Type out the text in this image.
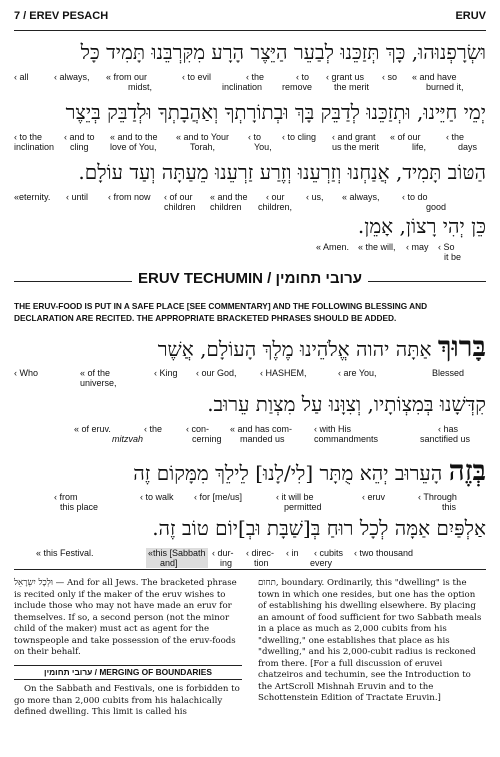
7 / EREV PESACH	ERUV
וּשְׂרָפְנוּהוּ, כָּךְ תְּזַכֵּנוּ לְבַעֵר הַיֵּצֶר הָרָע מִקִּרְבֵּנוּ תָּמִיד כָּל
‹ all	‹ always, « from our	‹ to evil	‹ the	‹ to ‹ grant us ‹ so « and have
midst,	inclination remove the merit	burned it,
יְמֵי חַיֵּינוּ, וּתְזַכֵּנוּ לְדַבֵּק בָּךְ וּבְתוֹרָתְךָ וְאַהֲבָתְךָ וּלְדַבֵּק בְּיֵצֶר
‹ to the ‹ and to « and to the « and to Your ‹ to ‹ to cling ‹ and grant « of our	‹ the
inclination cling love of You,	Torah,	You,	us the merit	life,	days
הַטּוֹב תָּמִיד, אֲנַחְנוּ וְזַרְעֵנוּ וְזֶרַע זַרְעֵנוּ מֵעַתָּה וְעַד עוֹלָם.
«eternity. ‹ until ‹ from now ‹ of our « and the ‹ our ‹ us, « always, ‹ to do
children children children,	good
כֵּן יְהִי רָצוֹן, אָמֵן.
« Amen. « the will, ‹ may ‹ So
it be
ERUV TECHUMIN / ערובי תחומין
THE ERUV-FOOD IS PUT IN A SAFE PLACE [SEE COMMENTARY] AND THE FOLLOWING BLESSING AND DECLARATION ARE RECITED. THE APPROPRIATE BRACKETED PHRASES SHOULD BE ADDED.
בָּרוּךְ אַתָּה יהוה אֱלֹהֵינוּ מֶלֶךְ הָעוֹלָם, אֲשֶׁר
‹ Who	« of the	‹ King ‹ our God,	‹ HASHEM,	‹ are You,	Blessed
universe,
קִדְּשָׁנוּ בְּמִצְוֹתָיו, וְצִוָּנוּ עַל מִצְוַת עֵרוּב.
« of eruv.	‹ the	‹ con- « and has com- ‹ with His	‹ has
mitzvah	cerning manded us	commandments	sanctified us
בְּזֶה הָעֵרוּב יְהֵא מֻתָּר [לִי/לָנוּ] לֵילֵךְ מִמָּקוֹם זֶה
‹ from	‹ to walk ‹ for [me/us]	‹ it will be	‹ eruv	‹ Through
this place	permitted	this
אַלְפַּיִם אַמָּה לְכָל רוּחַ בְּ[שַׁבָּת וּבְ]יוֹם טוֹב זֶה.
« this Festival.	«this [Sabbath ‹ dur- ‹ direc- ‹ in ‹ cubits ‹ two thousand
and]	ing tion	every
וּלְכָל יִשְׂרָאֵל — And for all Jews. The bracketed phrase is recited only if the maker of the eruv wishes to include those who may not have made an eruv for themselves. If so, a second person (not the minor child of the maker) must act as agent for the townspeople and take possession of the eruv-foods on their behalf.
ערובי תחומין / MERGING OF BOUNDARIES
On the Sabbath and Festivals, one is forbidden to go more than 2,000 cubits from his halachically defined dwelling. This limit is called his
תחום, boundary. Ordinarily, this "dwelling" is the town in which one resides, but one has the option of establishing his dwelling elsewhere. By placing an amount of food sufficient for two Sabbath meals in a place as much as 2,000 cubits from his "dwelling," one establishes that place as his "dwelling," and his 2,000-cubit radius is reckoned from there. [For a full discussion of eruvei chatzeiros and techumin, see the Introduction to the ArtScroll Mishnah Eruvin and to the Schottenstein Edition of Tractate Eruvin.]
